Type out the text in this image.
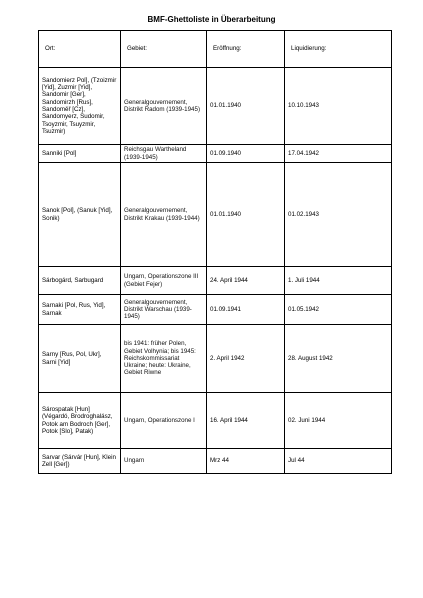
BMF-Ghettoliste in Überarbeitung
Ort:	Gebiet:	Eröffnung:	Liquidierung:
Sandomierz Pol], (Tzoizmir [Yid], Zuzmir [Yid], Sandomir [Ger], Sandomirzh [Rus], Sandoměř [Cz], Sandomyerz, Sudomir, Tsoyzmir, Tsuyzmir, Tsuzmir)	Generalgouvernement, Distrikt Radom (1939-1945)	01.01.1940	10.10.1943
Sanniki [Pol]	Reichsgau Wartheland (1939-1945)	01.09.1940	17.04.1942
Sanok [Pol], (Sanuk [Yid], Sonik)	Generalgouvernement, Distrikt Krakau (1939-1944)	01.01.1940	01.02.1943
Sárbogárd, Sarbugard	Ungarn, Operationszone III (Gebiet Fejer)	24. April 1944	1. Juli 1944
Sarnaki [Pol, Rus, Yid], Sarnak	Generalgouvernement, Distrikt Warschau (1939-1945)	01.09.1941	01.05.1942
Sarny [Rus, Pol, Ukr], Sarni [Yid]	bis 1941: früher Polen, Gebiet Volhynia; bis 1945: Reichskommissariat Ukraine; heute: Ukraine, Gebiet Riwne	2. April 1942	28. August 1942
Sárospatak [Hun] (Végardó, Brodroghalász, Potok am Bodroch [Ger], Potok [Slo], Patak)	Ungarn, Operationszone I	16. April 1944	02. Juni 1944
Sarvar (Sárvár [Hun], Klein Zell [Ger])	Ungarn	Mrz 44	Jul 44
